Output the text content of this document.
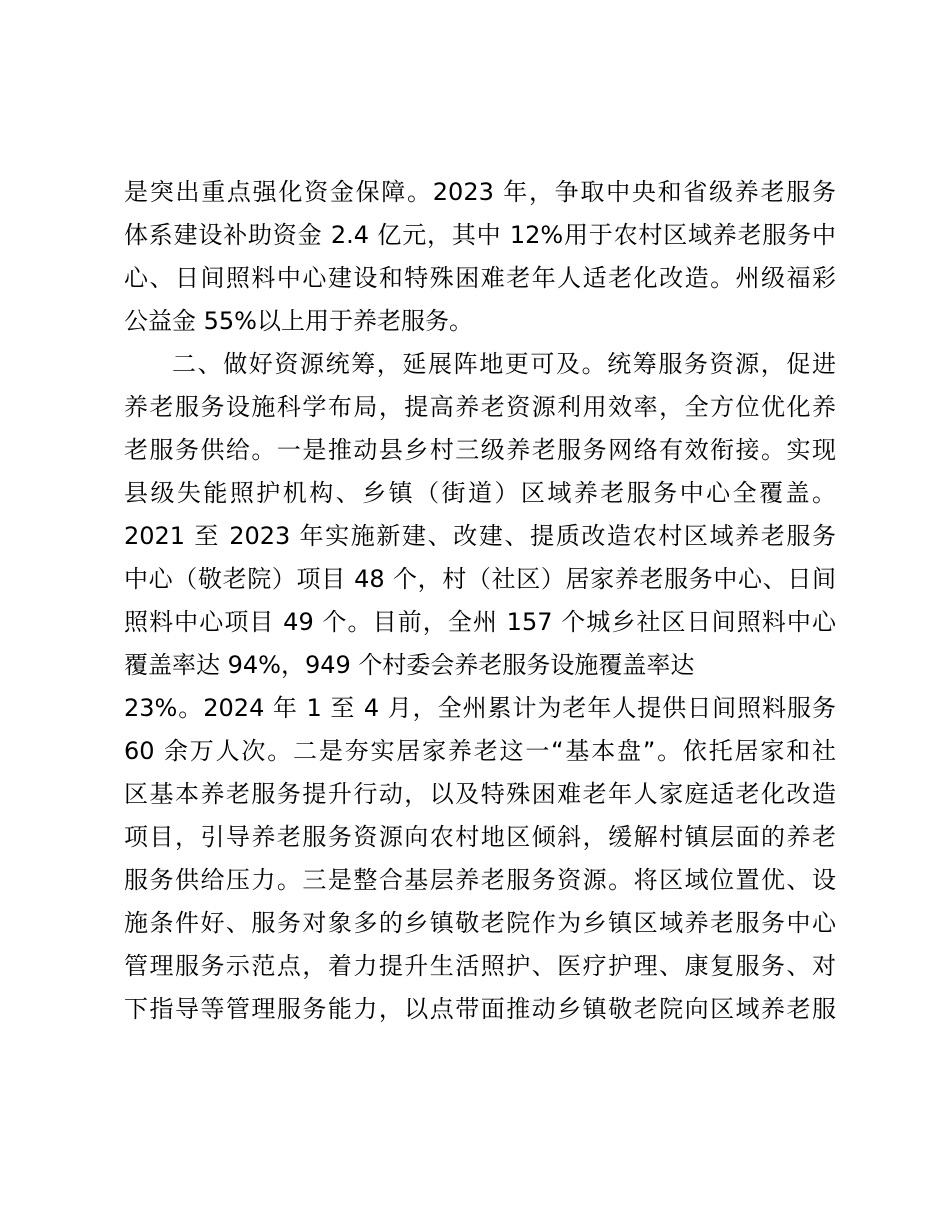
是突出重点强化资金保障。2023 年，争取中央和省级养老服务
体系建设补助资金 2.4 亿元，其中 12%用于农村区域养老服务中
心、日间照料中心建设和特殊困难老年人适老化改造。州级福彩
公益金 55%以上用于养老服务。
二、做好资源统筹，延展阵地更可及。统筹服务资源，促进
养老服务设施科学布局，提高养老资源利用效率，全方位优化养
老服务供给。一是推动县乡村三级养老服务网络有效衔接。实现
县级失能照护机构、乡镇（街道）区域养老服务中心全覆盖。
2021 至 2023 年实施新建、改建、提质改造农村区域养老服务
中心（敬老院）项目 48 个，村（社区）居家养老服务中心、日间
照料中心项目 49 个。目前，全州 157 个城乡社区日间照料中心
覆盖率达 94%，949 个村委会养老服务设施覆盖率达
23%。2024 年 1 至 4 月，全州累计为老年人提供日间照料服务
60 余万人次。二是夯实居家养老这一“基本盘”。依托居家和社
区基本养老服务提升行动，以及特殊困难老年人家庭适老化改造
项目，引导养老服务资源向农村地区倾斜，缓解村镇层面的养老
服务供给压力。三是整合基层养老服务资源。将区域位置优、设
施条件好、服务对象多的乡镇敬老院作为乡镇区域养老服务中心
管理服务示范点，着力提升生活照护、医疗护理、康复服务、对
下指导等管理服务能力，以点带面推动乡镇敬老院向区域养老服
